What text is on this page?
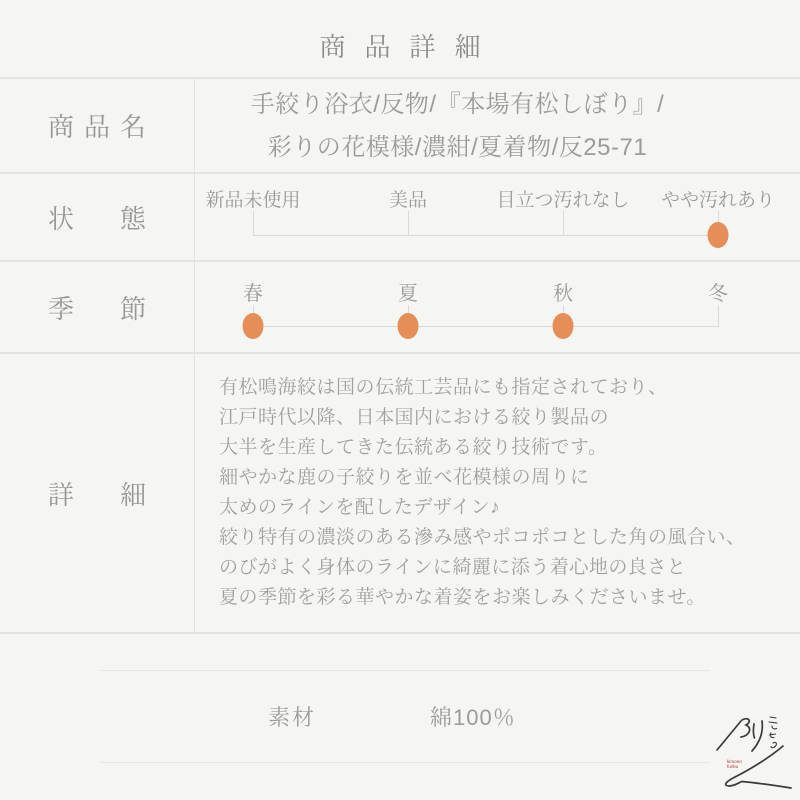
商品詳細
商品名
手絞り浴衣/反物/『本場有松しぼり』/
彩りの花模様/濃紺/夏着物/反25-71
状　態
新品未使用	美品	目立つ汚れなし やや汚れあり
季　節	春	夏	秋	冬
詳　細
有松鳴海絞は国の伝統工芸品にも指定されており、
江戸時代以降、日本国内における絞り製品の
大半を生産してきた伝統ある絞り技術です。
細やかな鹿の子絞りを並べ花模様の周りに
太めのラインを配したデザイン♪
絞り特有の濃淡のある滲み感やポコポコとした角の風合い、
のびがよく身体のラインに綺麗に添う着心地の良さと
夏の季節を彩る華やかな着姿をお楽しみくださいませ。
素材	綿100％
kimono
furiku
